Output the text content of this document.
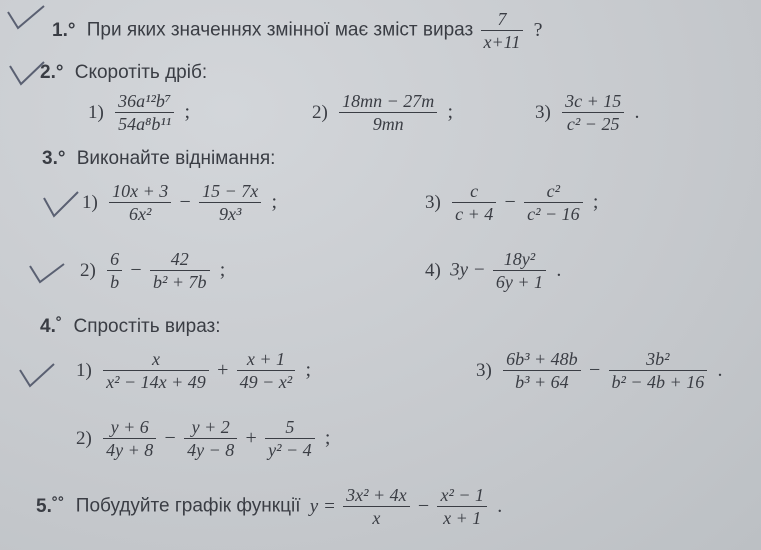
1.° При яких значеннях змінної має зміст вираз $\frac{7}{x+11}$ ?
2.° Скоротіть дріб:
$1) \frac{\text{36a¹²b⁷}}{\text{54a⁸b¹¹}}$ ;	$2) \frac{18mn - 27m}{9mn}$ ;	$3) \frac{3c + 15}{\text{c² − 25}}$ .
3.° Виконайте віднімання:
$1) \frac{10x + 3}{\text{6x²}} - \frac{15 - 7x}{\text{9x³}}$ ;	$3) \frac{c}{c + 4} - \frac{\text{c²}}{\text{c² − 16}}$ ;
$2) \frac{6}{b} - \frac{42}{\text{b² + 7b}}$ ;	4) $3y - \frac{\text{18y²}}{6y + 1}$ .
4.˚ Спростіть вираз:
$1) \frac{x}{\text{x² − 14x + 49}} + \frac{x + 1}{\text{49 − x²}}$ ;	$3) \frac{\text{6b³ + 48b}}{\text{b³ + 64}} - \frac{\text{3b²}}{\text{b² − 4b + 16}}$ .
$2) \frac{y + 6}{4y + 8} - \frac{y + 2}{4y - 8} + \frac{5}{\text{y² − 4}}$ ;
5.˚˚ Побудуйте графік функції $y = \frac{\text{3x² + 4x}}{x} - \frac{\text{x² − 1}}{x + 1}$ .
